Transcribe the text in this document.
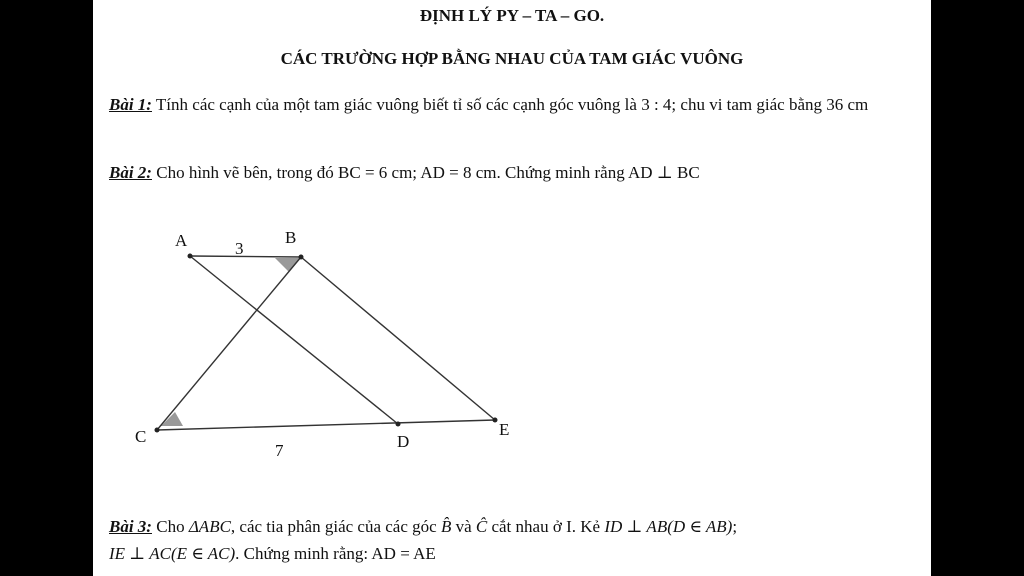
ĐỊNH LÝ PY – TA – GO.
CÁC TRƯỜNG HỢP BẰNG NHAU CỦA TAM GIÁC VUÔNG
Bài 1: Tính các cạnh của một tam giác vuông biết tỉ số các cạnh góc vuông là 3 : 4; chu vi tam giác bằng 36 cm
Bài 2: Cho hình vẽ bên, trong đó BC = 6 cm; AD = 8 cm. Chứng minh rằng AD ⊥ BC
A	B
C	D
E
3
7
Bài 3: Cho ΔABC, các tia phân giác của các góc B̂ và Ĉ cắt nhau ở I. Kẻ ID ⊥ AB(D ∈ AB);
IE ⊥ AC(E ∈ AC). Chứng minh rằng: AD = AE
